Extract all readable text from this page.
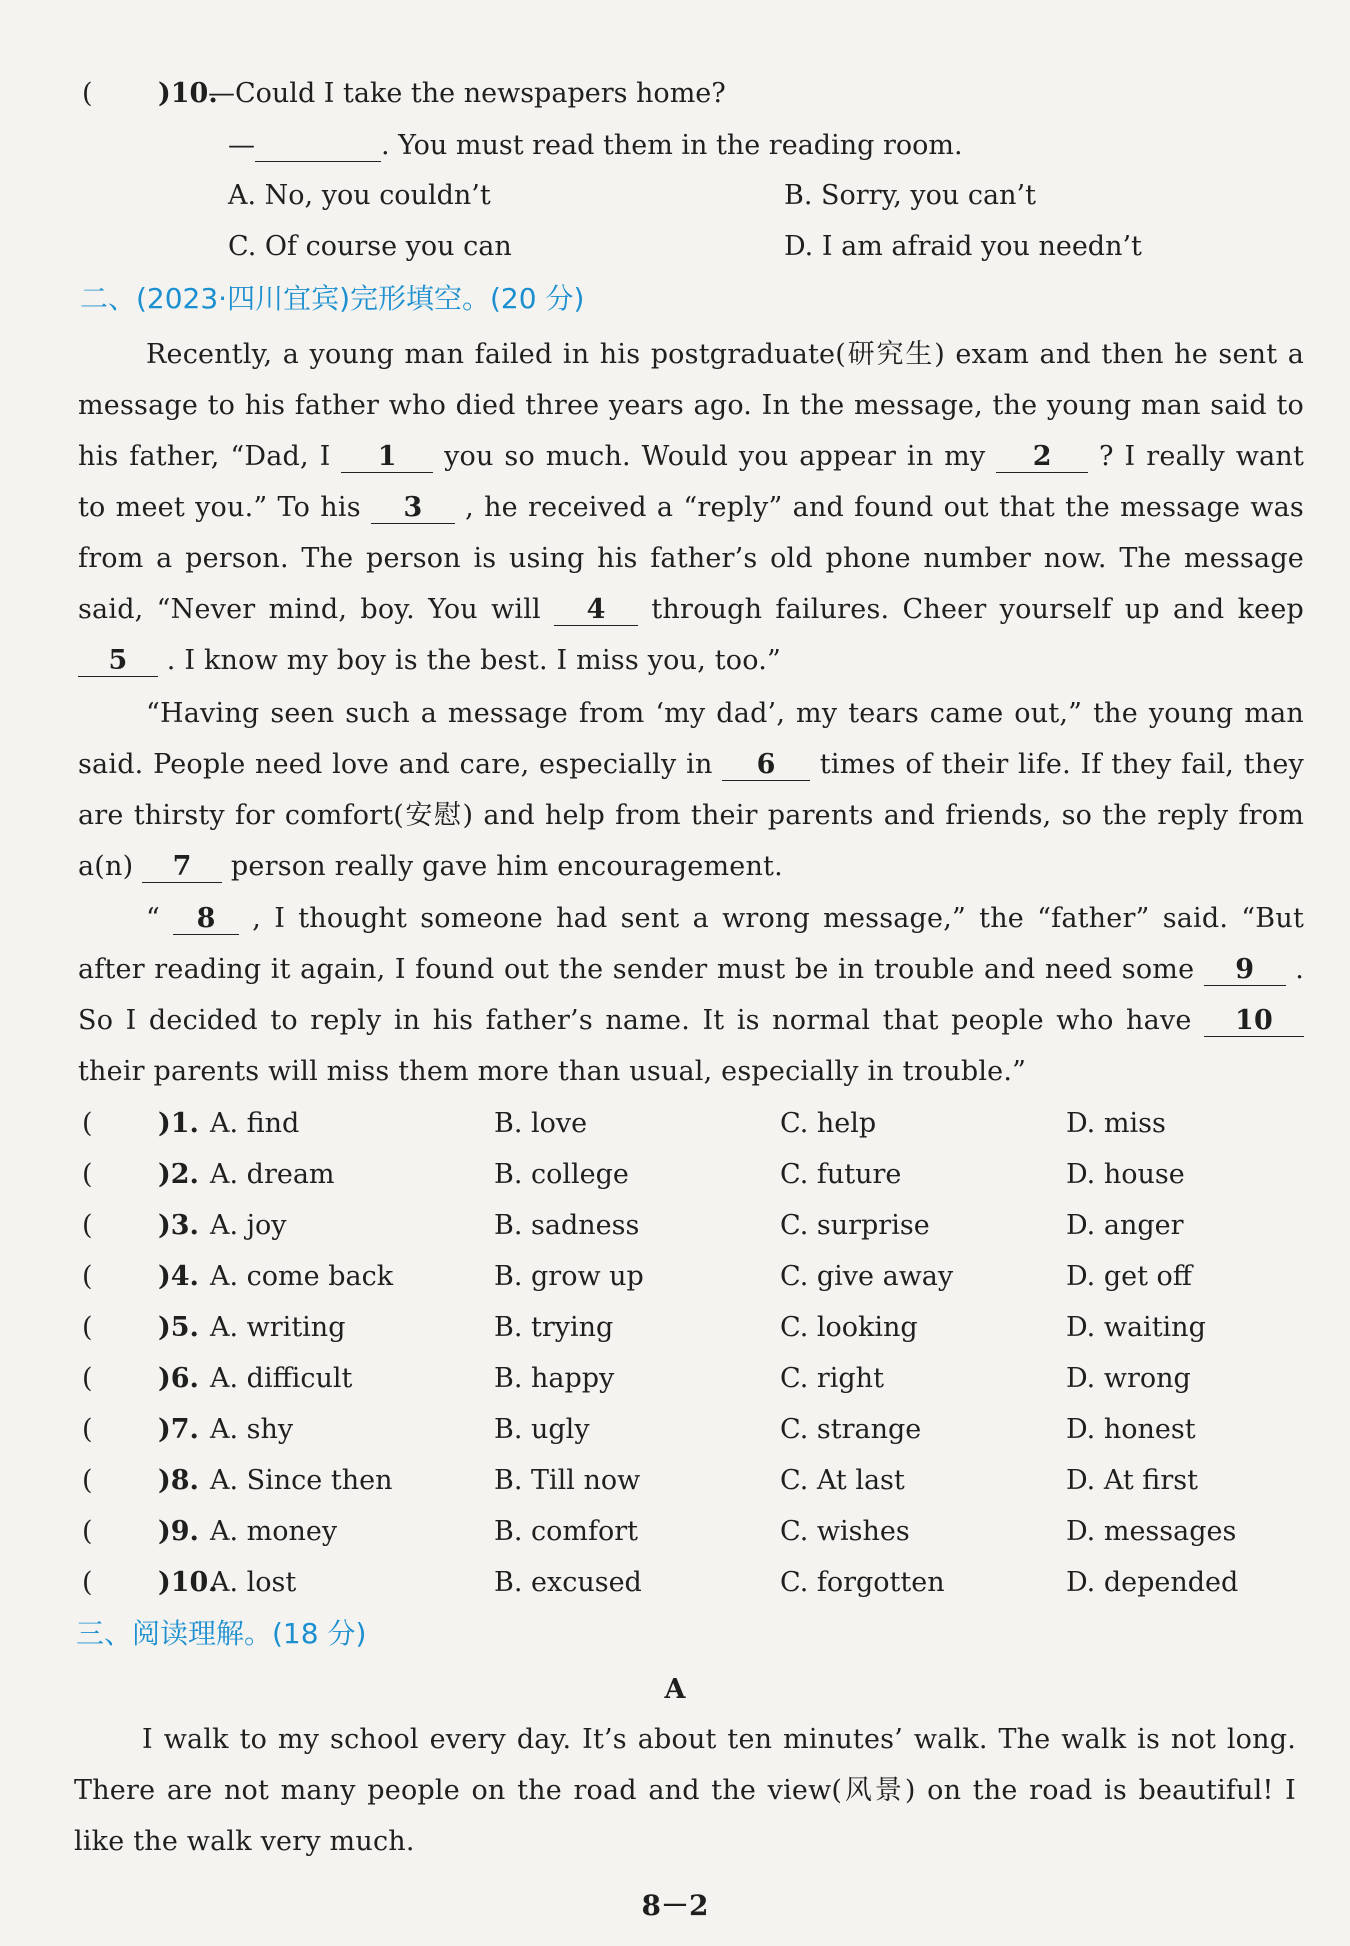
( )10.
—Could I take the newspapers home?
—	. You must read them in the reading room.
A. No, you couldn’t	B. Sorry, you can’t
C. Of course you can	D. I am afraid you needn’t
二、(2023·四川宜宾)完形填空。(20 分)
Recently, a young man failed in his postgraduate(研究生) exam and then he sent a message to his father who died three years ago. In the message, the young man said to his father, “Dad, I 1 you so much. Would you appear in my 2 ? I really want to meet you.” To his 3 , he received a “reply” and found out that the message was from a person. The person is using his father’s old phone number now. The message said, “Never mind, boy. You will 4 through failures. Cheer yourself up and keep 5 . I know my boy is the best. I miss you, too.”
“Having seen such a message from ‘my dad’, my tears came out,” the young man said. People need love and care, especially in 6 times of their life. If they fail, they are thirsty for comfort(安慰) and help from their parents and friends, so the reply from a(n) 7 person really gave him encouragement.
“ 8 , I thought someone had sent a wrong message,” the “father” said. “But after reading it again, I found out the sender must be in trouble and need some 9 . So I decided to reply in his father’s name. It is normal that people who have 10 their parents will miss them more than usual, especially in trouble.”
( )1. A. find	B. love	C. help	D. miss
( )2. A. dream	B. college	C. future	D. house
( )3. A. joy	B. sadness	C. surprise	D. anger
( )4. A. come back	B. grow up	C. give away	D. get off
( )5. A. writing	B. trying	C. looking	D. waiting
( )6. A. difficult	B. happy	C. right	D. wrong
( )7. A. shy	B. ugly	C. strange	D. honest
( )8. A. Since then	B. Till now	C. At last	D. At first
( )9. A. money	B. comfort	C. wishes	D. messages
( )10.
A. lost	B. excused	C. forgotten	D. depended
三、阅读理解。(18 分)
A
I walk to my school every day. It’s about ten minutes’ walk. The walk is not long. There are not many people on the road and the view(风景) on the road is beautiful! I like the walk very much.
8－2
